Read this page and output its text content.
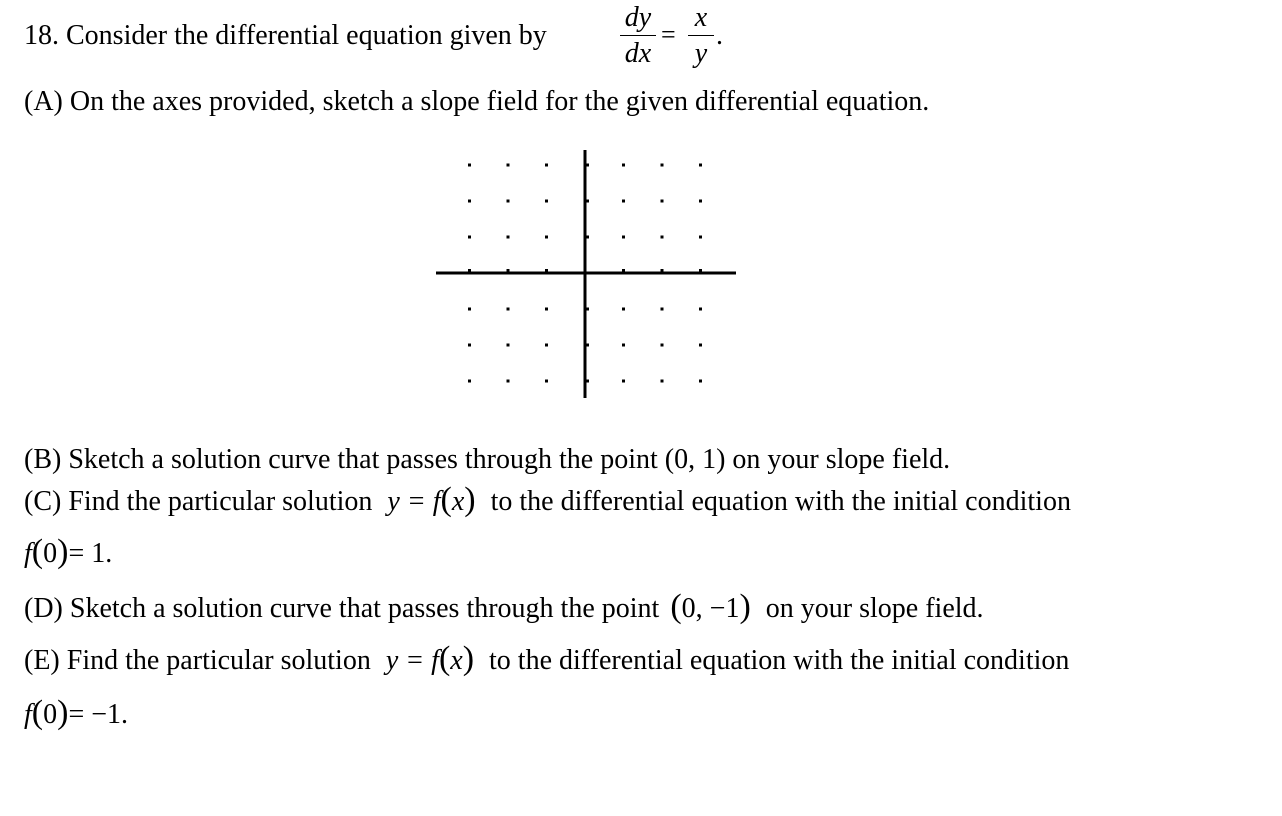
18. Consider the differential equation given by
dy
dx
=
x
y
.
(A) On the axes provided, sketch a slope field for the given differential equation.
(B) Sketch a solution curve that passes through the point (0, 1) on your slope field.
(C) Find the particular solution y = f(x) to the differential equation with the initial condition
f(0)= 1.
(D) Sketch a solution curve that passes through the point (0, −1) on your slope field.
(E) Find the particular solution y = f(x) to the differential equation with the initial condition
f(0)= −1.
